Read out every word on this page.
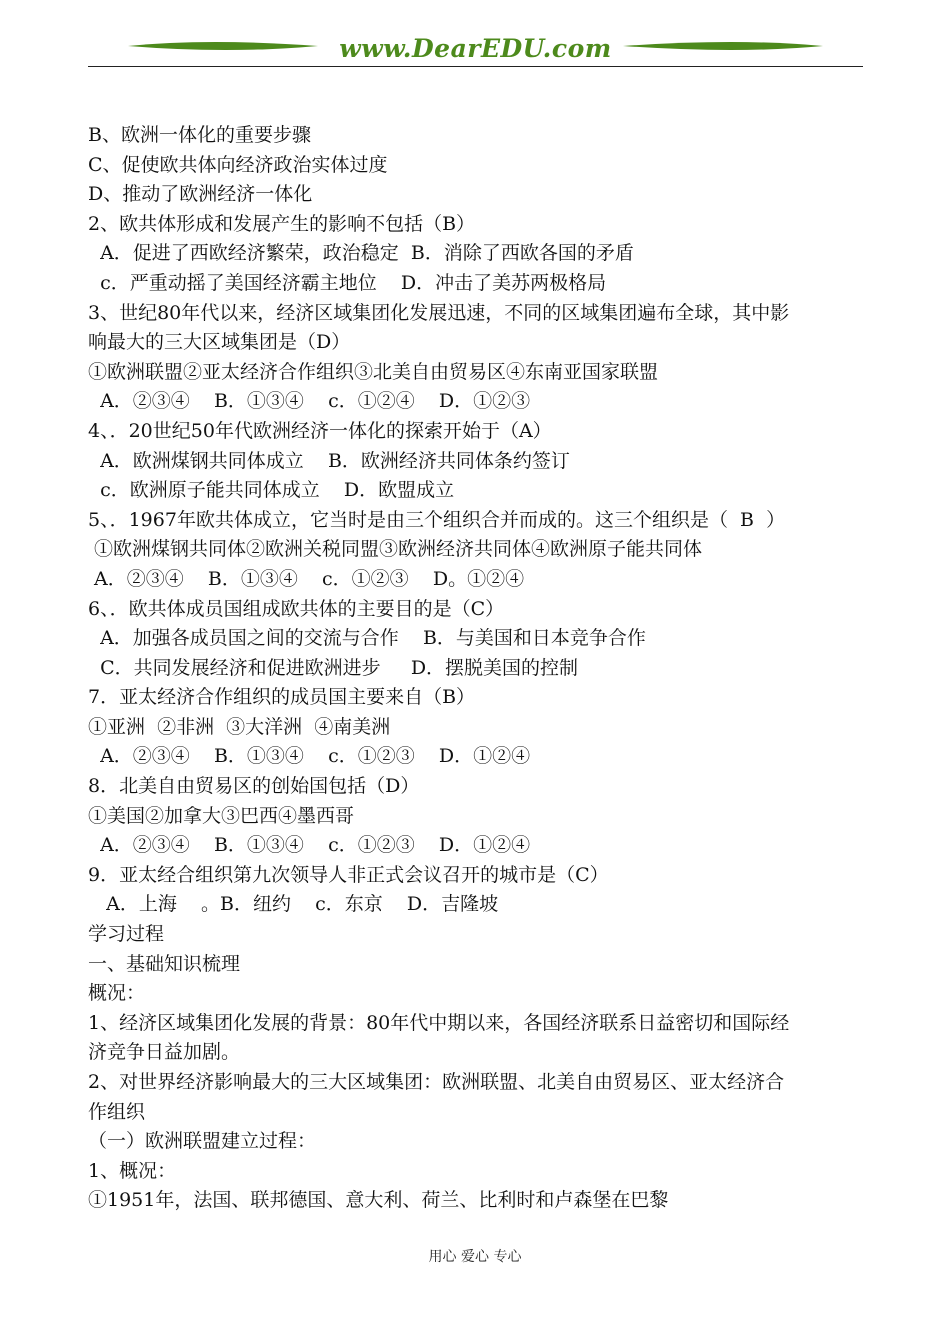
www.DearEDU.com
B、欧洲一体化的重要步骤
C、促使欧共体向经济政治实体过度
D、推动了欧洲经济一体化
2、欧共体形成和发展产生的影响不包括（B）
A．促进了西欧经济繁荣，政治稳定  B．消除了西欧各国的矛盾
c．严重动摇了美国经济霸主地位    D．冲击了美苏两极格局
3、世纪80年代以来，经济区域集团化发展迅速，不同的区域集团遍布全球，其中影
响最大的三大区域集团是（D）
①欧洲联盟②亚太经济合作组织③北美自由贸易区④东南亚国家联盟
A．②③④    B．①③④    c．①②④    D．①②③
4、．20世纪50年代欧洲经济一体化的探索开始于（A）
A．欧洲煤钢共同体成立    B．欧洲经济共同体条约签订
c．欧洲原子能共同体成立    D．欧盟成立
5、．1967年欧共体成立，它当时是由三个组织合并而成的。这三个组织是（  B  ）
①欧洲煤钢共同体②欧洲关税同盟③欧洲经济共同体④欧洲原子能共同体
A．②③④    B．①③④    c．①②③    D。①②④
6、．欧共体成员国组成欧共体的主要目的是（C）
A．加强各成员国之间的交流与合作    B．与美国和日本竞争合作
C．共同发展经济和促进欧洲进步     D．摆脱美国的控制
7．亚太经济合作组织的成员国主要来自（B）
①亚洲  ②非洲  ③大洋洲  ④南美洲
A．②③④    B．①③④    c．①②③    D．①②④
8．北美自由贸易区的创始国包括（D）
①美国②加拿大③巴西④墨西哥
A．②③④    B．①③④    c．①②③    D．①②④
9．亚太经合组织第九次领导人非正式会议召开的城市是（C）
A．上海    。B．纽约    c．东京    D．吉隆坡
学习过程
一、基础知识梳理
概况：
1、经济区域集团化发展的背景：80年代中期以来，各国经济联系日益密切和国际经
济竞争日益加剧。
2、对世界经济影响最大的三大区域集团：欧洲联盟、北美自由贸易区、亚太经济合
作组织
（一）欧洲联盟建立过程：
1、概况：
①1951年，法国、联邦德国、意大利、荷兰、比利时和卢森堡在巴黎
用心 爱心 专心
